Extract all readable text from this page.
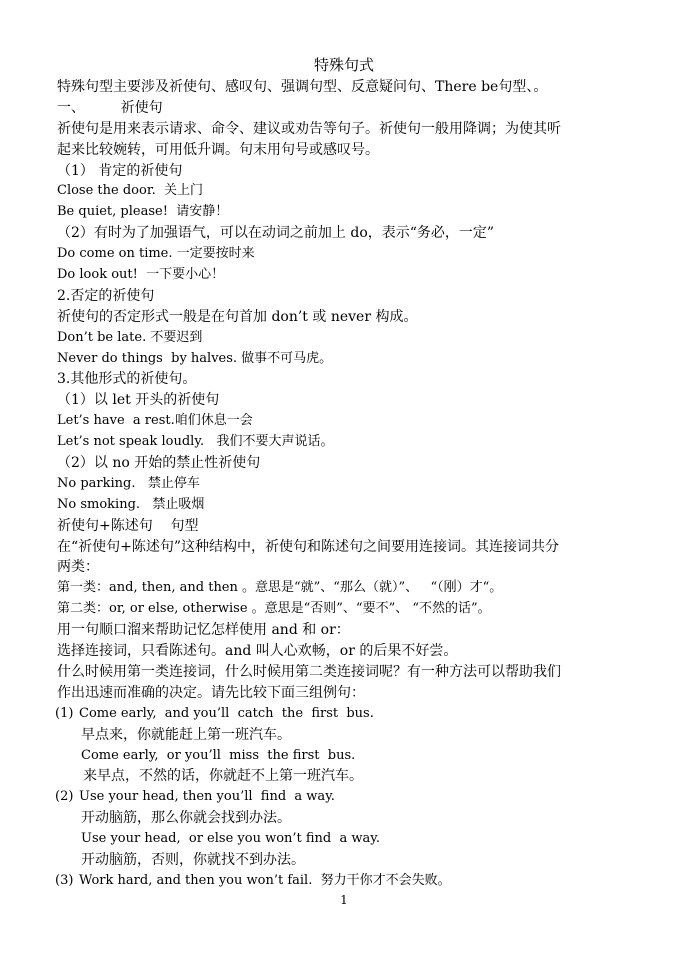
特殊句式
特殊句型主要涉及祈使句、感叹句、强调句型、反意疑问句、There be句型、。
一、        祈使句
祈使句是用来表示请求、命令、建议或劝告等句子。祈使句一般用降调；为使其听
起来比较婉转，可用低升调。句末用句号或感叹号。
（1） 肯定的祈使句
Close the door.  关上门
Be quiet, please!  请安静！
（2）有时为了加强语气，可以在动词之前加上 do，表示“务必，一定”
Do come on time. 一定要按时来
Do look out!  一下要小心！
2.否定的祈使句
祈使句的否定形式一般是在句首加 don’t 或 never 构成。
Don’t be late. 不要迟到
Never do things  by halves. 做事不可马虎。
3.其他形式的祈使句。
（1）以 let 开头的祈使句
Let’s have  a rest.咱们休息一会
Let’s not speak loudly.   我们不要大声说话。
（2）以 no 开始的禁止性祈使句
No parking.   禁止停车
No smoking.   禁止吸烟
祈使句+陈述句    句型
在“祈使句+陈述句”这种结构中，祈使句和陈述句之间要用连接词。其连接词共分
两类：
第一类：and, then, and then 。意思是“就”、“那么（就）”、   “（刚）才“。
第二类：or, or else, otherwise 。意思是“否则”、“要不”、 “不然的话”。
用一句顺口溜来帮助记忆怎样使用 and 和 or：
选择连接词，只看陈述句。and 叫人心欢畅，or 的后果不好尝。
什么时候用第一类连接词，什么时候用第二类连接词呢？有一种方法可以帮助我们
作出迅速而准确的决定。请先比较下面三组例句：
(1) Come early,  and you’ll  catch  the  first  bus.
早点来，你就能赶上第一班汽车。
Come early,  or you’ll  miss  the first  bus.
来早点，不然的话，你就赶不上第一班汽车。
(2) Use your head, then you’ll  find  a way.
开动脑筋，那么你就会找到办法。
Use your head,  or else you won’t find  a way.
开动脑筋，否则，你就找不到办法。
(3) Work hard, and then you won’t fail.  努力干你才不会失败。
1
